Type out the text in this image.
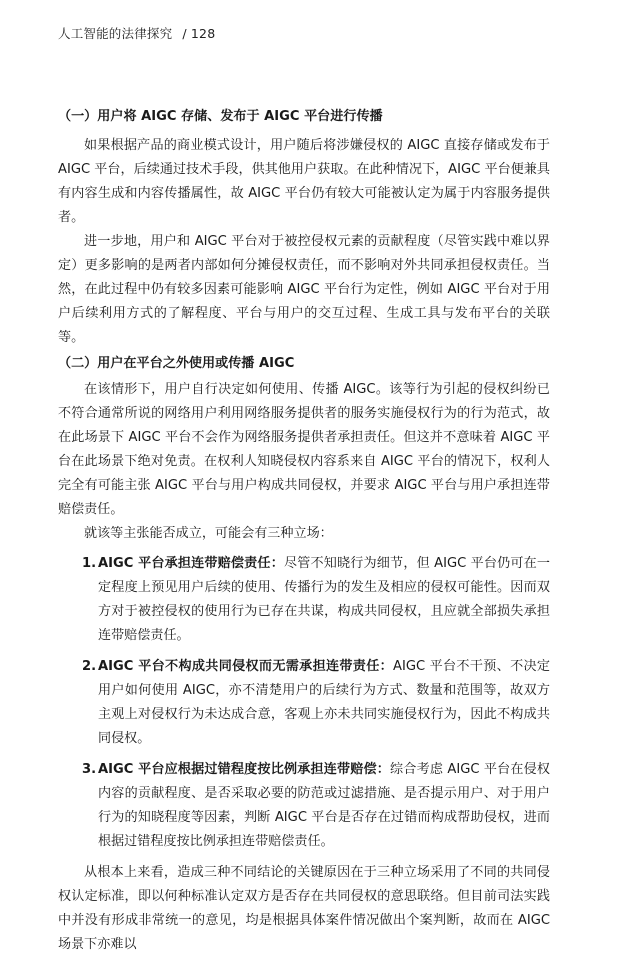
人工智能的法律探究 / 128

（一）用户将 AIGC 存储、发布于 AIGC 平台进行传播

如果根据产品的商业模式设计，用户随后将涉嫌侵权的 AIGC 直接存储或发布于 AIGC 平台，后续通过技术手段，供其他用户获取。在此种情况下，AIGC 平台便兼具有内容生成和内容传播属性，故 AIGC 平台仍有较大可能被认定为属于内容服务提供者。

进一步地，用户和 AIGC 平台对于被控侵权元素的贡献程度（尽管实践中难以界定）更多影响的是两者内部如何分摊侵权责任，而不影响对外共同承担侵权责任。当然，在此过程中仍有较多因素可能影响 AIGC 平台行为定性，例如 AIGC 平台对于用户后续利用方式的了解程度、平台与用户的交互过程、生成工具与发布平台的关联等。

（二）用户在平台之外使用或传播 AIGC

在该情形下，用户自行决定如何使用、传播 AIGC。该等行为引起的侵权纠纷已不符合通常所说的网络用户利用网络服务提供者的服务实施侵权行为的行为范式，故在此场景下 AIGC 平台不会作为网络服务提供者承担责任。但这并不意味着 AIGC 平台在此场景下绝对免责。在权利人知晓侵权内容系来自 AIGC 平台的情况下，权利人完全有可能主张 AIGC 平台与用户构成共同侵权，并要求 AIGC 平台与用户承担连带赔偿责任。

就该等主张能否成立，可能会有三种立场：

1. AIGC 平台承担连带赔偿责任：尽管不知晓行为细节，但 AIGC 平台仍可在一定程度上预见用户后续的使用、传播行为的发生及相应的侵权可能性。因而双方对于被控侵权的使用行为已存在共谋，构成共同侵权，且应就全部损失承担连带赔偿责任。
2. AIGC 平台不构成共同侵权而无需承担连带责任：AIGC 平台不干预、不决定用户如何使用 AIGC，亦不清楚用户的后续行为方式、数量和范围等，故双方主观上对侵权行为未达成合意，客观上亦未共同实施侵权行为，因此不构成共同侵权。
3. AIGC 平台应根据过错程度按比例承担连带赔偿：综合考虑 AIGC 平台在侵权内容的贡献程度、是否采取必要的防范或过滤措施、是否提示用户、对于用户行为的知晓程度等因素，判断 AIGC 平台是否存在过错而构成帮助侵权，进而根据过错程度按比例承担连带赔偿责任。

从根本上来看，造成三种不同结论的关键原因在于三种立场采用了不同的共同侵权认定标准，即以何种标准认定双方是否存在共同侵权的意思联络。但目前司法实践中并没有形成非常统一的意见，均是根据具体案件情况做出个案判断，故而在 AIGC 场景下亦难以
